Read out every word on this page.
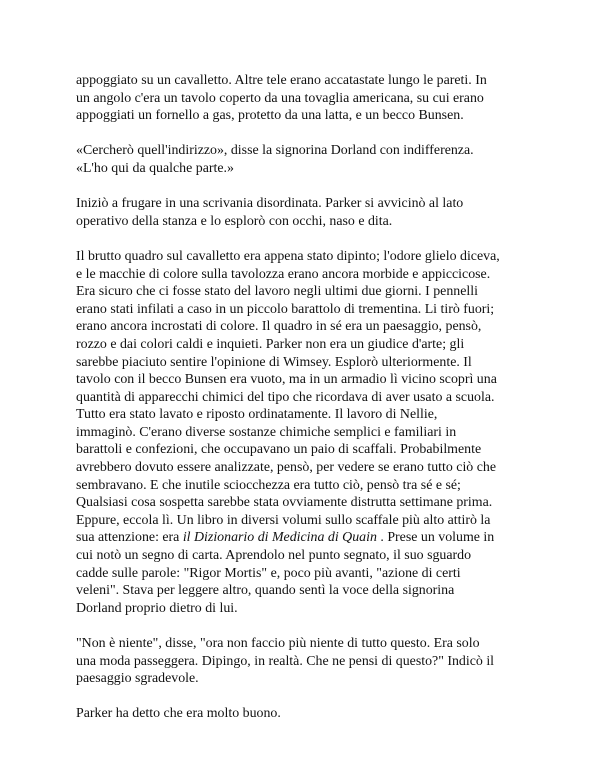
appoggiato su un cavalletto. Altre tele erano accatastate lungo le pareti. In
un angolo c'era un tavolo coperto da una tovaglia americana, su cui erano
appoggiati un fornello a gas, protetto da una latta, e un becco Bunsen.

«Cercherò quell'indirizzo», disse la signorina Dorland con indifferenza.
«L'ho qui da qualche parte.»

Iniziò a frugare in una scrivania disordinata. Parker si avvicinò al lato
operativo della stanza e lo esplorò con occhi, naso e dita.

Il brutto quadro sul cavalletto era appena stato dipinto; l'odore glielo diceva,
e le macchie di colore sulla tavolozza erano ancora morbide e appiccicose.
Era sicuro che ci fosse stato del lavoro negli ultimi due giorni. I pennelli
erano stati infilati a caso in un piccolo barattolo di trementina. Li tirò fuori;
erano ancora incrostati di colore. Il quadro in sé era un paesaggio, pensò,
rozzo e dai colori caldi e inquieti. Parker non era un giudice d'arte; gli
sarebbe piaciuto sentire l'opinione di Wimsey. Esplorò ulteriormente. Il
tavolo con il becco Bunsen era vuoto, ma in un armadio lì vicino scoprì una
quantità di apparecchi chimici del tipo che ricordava di aver usato a scuola.
Tutto era stato lavato e riposto ordinatamente. Il lavoro di Nellie,
immaginò. C'erano diverse sostanze chimiche semplici e familiari in
barattoli e confezioni, che occupavano un paio di scaffali. Probabilmente
avrebbero dovuto essere analizzate, pensò, per vedere se erano tutto ciò che
sembravano. E che inutile sciocchezza era tutto ciò, pensò tra sé e sé;
Qualsiasi cosa sospetta sarebbe stata ovviamente distrutta settimane prima.
Eppure, eccola lì. Un libro in diversi volumi sullo scaffale più alto attirò la
sua attenzione: era il Dizionario di Medicina di Quain . Prese un volume in
cui notò un segno di carta. Aprendolo nel punto segnato, il suo sguardo
cadde sulle parole: "Rigor Mortis" e, poco più avanti, "azione di certi
veleni". Stava per leggere altro, quando sentì la voce della signorina
Dorland proprio dietro di lui.

"Non è niente", disse, "ora non faccio più niente di tutto questo. Era solo
una moda passeggera. Dipingo, in realtà. Che ne pensi di questo?" Indicò il
paesaggio sgradevole.

Parker ha detto che era molto buono.
